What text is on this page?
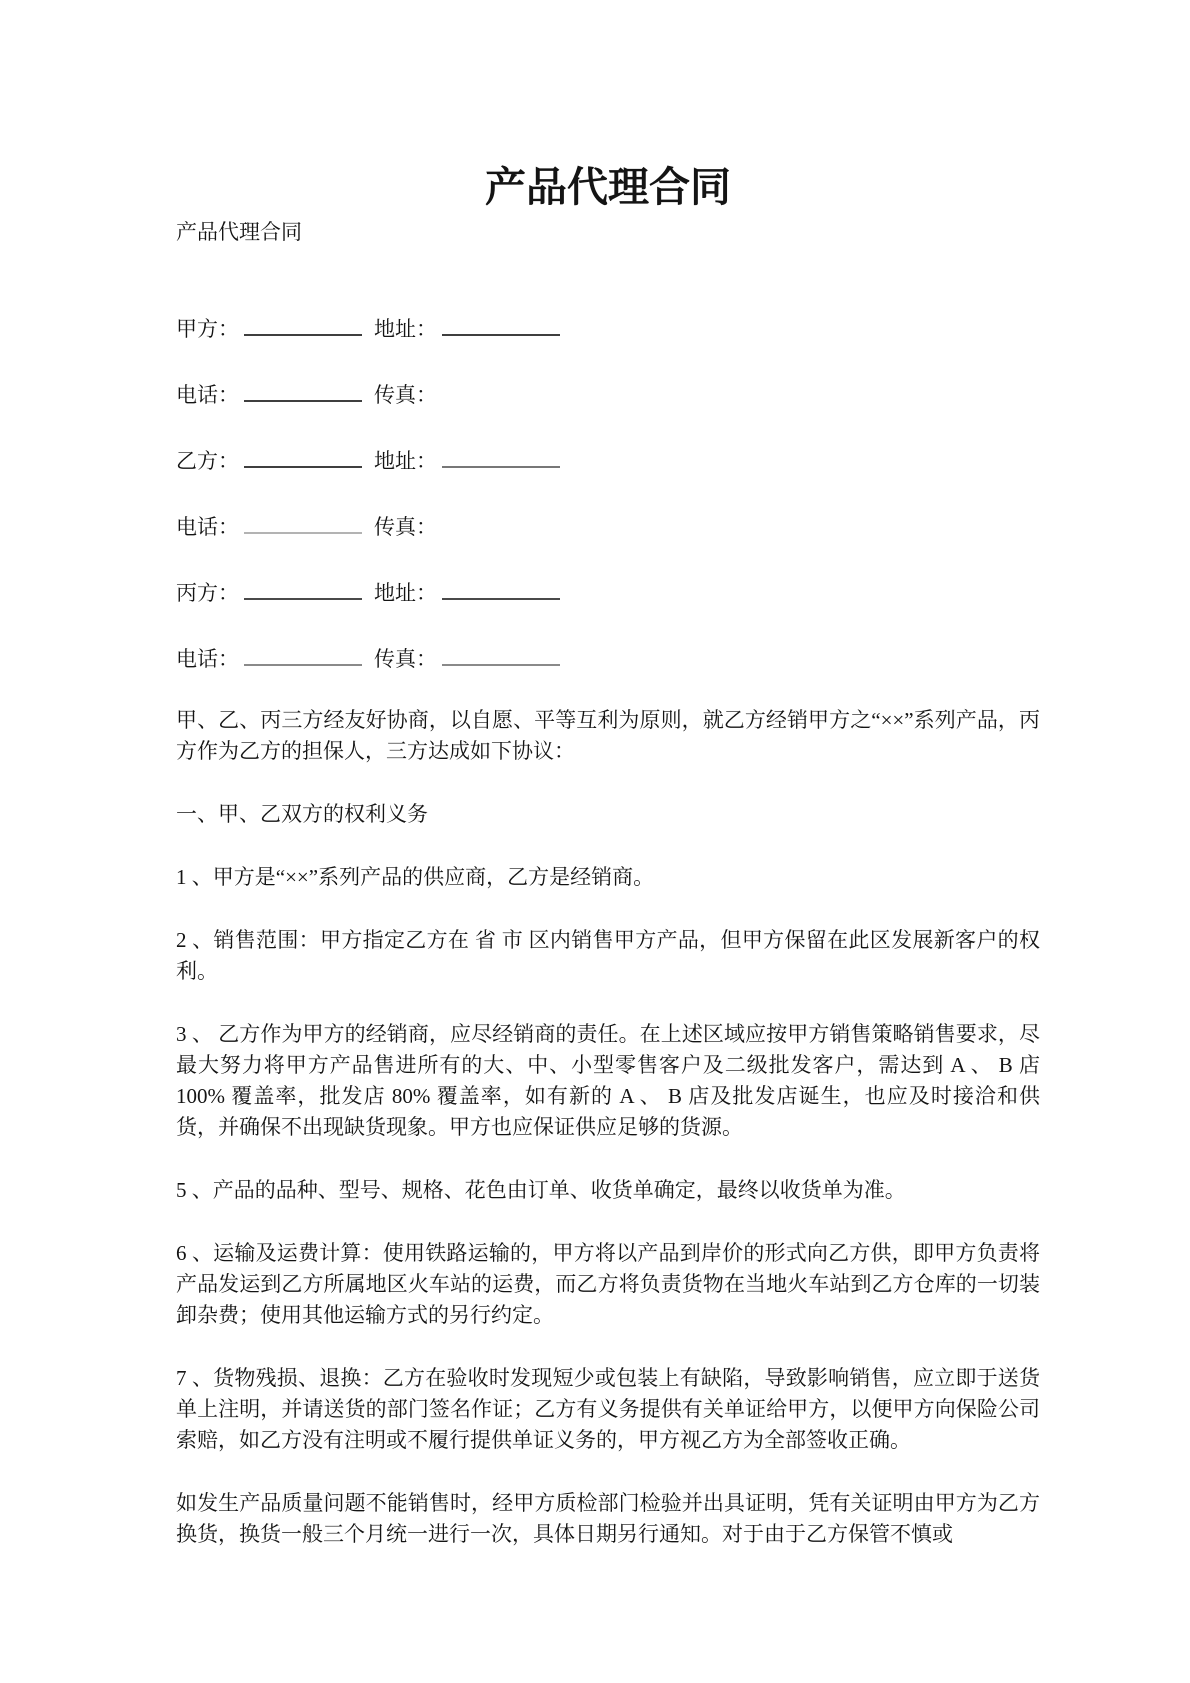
产品代理合同

产品代理合同

甲方：	地址：

电话：	传真：

乙方：	地址：

电话：	传真：

丙方：	地址：

电话：	传真：

甲、乙、丙三方经友好协商，以自愿、平等互利为原则，就乙方经销甲方之“××”系列产品，丙方作为乙方的担保人，三方达成如下协议：

一、甲、乙双方的权利义务

1 、甲方是“××”系列产品的供应商，乙方是经销商。

2 、销售范围：甲方指定乙方在 省 市 区内销售甲方产品，但甲方保留在此区发展新客户的权利。

3 、 乙方作为甲方的经销商，应尽经销商的责任。在上述区域应按甲方销售策略销售要求，尽最大努力将甲方产品售进所有的大、中、小型零售客户及二级批发客户，需达到 A 、 B 店 100% 覆盖率，批发店 80% 覆盖率，如有新的 A 、 B 店及批发店诞生，也应及时接洽和供货，并确保不出现缺货现象。甲方也应保证供应足够的货源。

5 、产品的品种、型号、规格、花色由订单、收货单确定，最终以收货单为准。

6 、运输及运费计算：使用铁路运输的，甲方将以产品到岸价的形式向乙方供，即甲方负责将产品发运到乙方所属地区火车站的运费，而乙方将负责货物在当地火车站到乙方仓库的一切装卸杂费；使用其他运输方式的另行约定。

7 、货物残损、退换：乙方在验收时发现短少或包装上有缺陷，导致影响销售，应立即于送货单上注明，并请送货的部门签名作证；乙方有义务提供有关单证给甲方，以便甲方向保险公司索赔，如乙方没有注明或不履行提供单证义务的，甲方视乙方为全部签收正确。

如发生产品质量问题不能销售时，经甲方质检部门检验并出具证明，凭有关证明由甲方为乙方换货，换货一般三个月统一进行一次，具体日期另行通知。对于由于乙方保管不慎或
